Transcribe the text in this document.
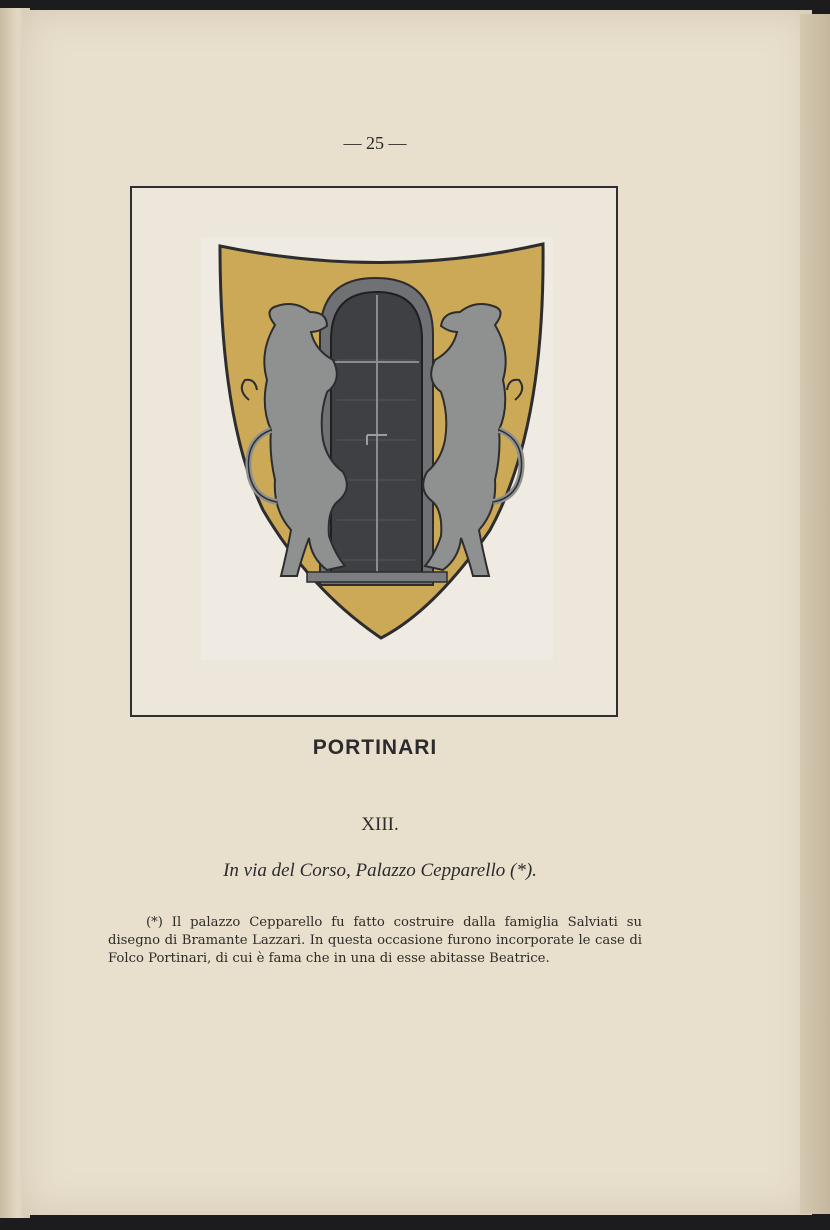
— 25 —
PORTINARI
XIII.
In via del Corso, Palazzo Cepparello (*).

(*) Il palazzo Cepparello fu fatto costruire dalla famiglia Salviati su disegno di Bramante Lazzari. In questa occasione furono incorporate le case di Folco Portinari, di cui è fama che in una di esse abitasse Beatrice.
